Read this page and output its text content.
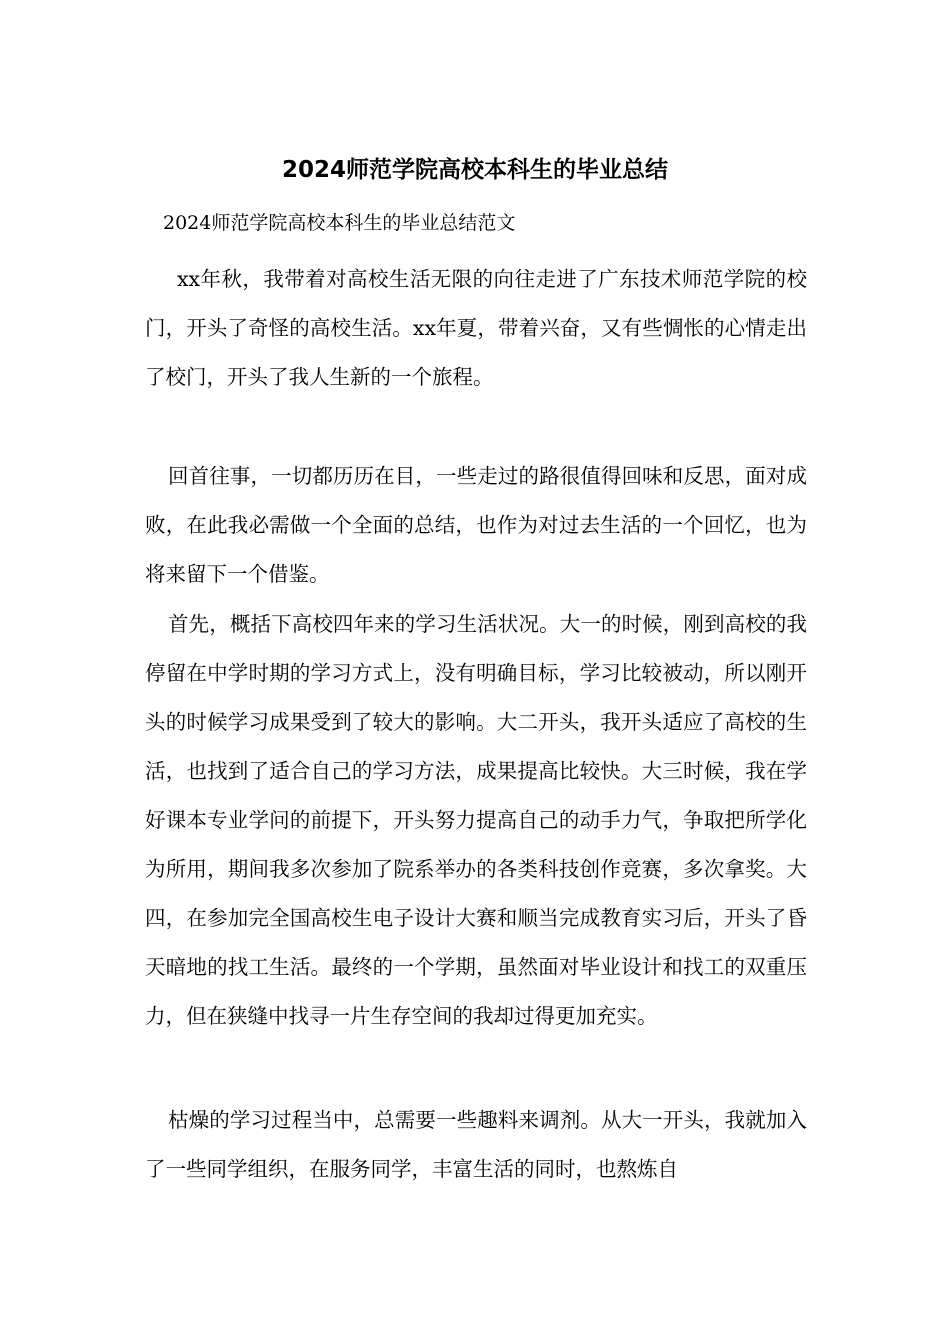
2024师范学院高校本科生的毕业总结

2024师范学院高校本科生的毕业总结范文

xx年秋，我带着对高校生活无限的向往走进了广东技术师范学院的校门，开头了奇怪的高校生活。xx年夏，带着兴奋，又有些惆怅的心情走出了校门，开头了我人生新的一个旅程。

回首往事，一切都历历在目，一些走过的路很值得回味和反思，面对成败，在此我必需做一个全面的总结，也作为对过去生活的一个回忆，也为将来留下一个借鉴。

首先，概括下高校四年来的学习生活状况。大一的时候，刚到高校的我停留在中学时期的学习方式上，没有明确目标，学习比较被动，所以刚开头的时候学习成果受到了较大的影响。大二开头，我开头适应了高校的生活，也找到了适合自己的学习方法，成果提高比较快。大三时候，我在学好课本专业学问的前提下，开头努力提高自己的动手力气，争取把所学化为所用，期间我多次参加了院系举办的各类科技创作竞赛，多次拿奖。大四，在参加完全国高校生电子设计大赛和顺当完成教育实习后，开头了昏天暗地的找工生活。最终的一个学期，虽然面对毕业设计和找工的双重压力，但在狭缝中找寻一片生存空间的我却过得更加充实。

枯燥的学习过程当中，总需要一些趣料来调剂。从大一开头，我就加入了一些同学组织，在服务同学，丰富生活的同时，也熬炼自
